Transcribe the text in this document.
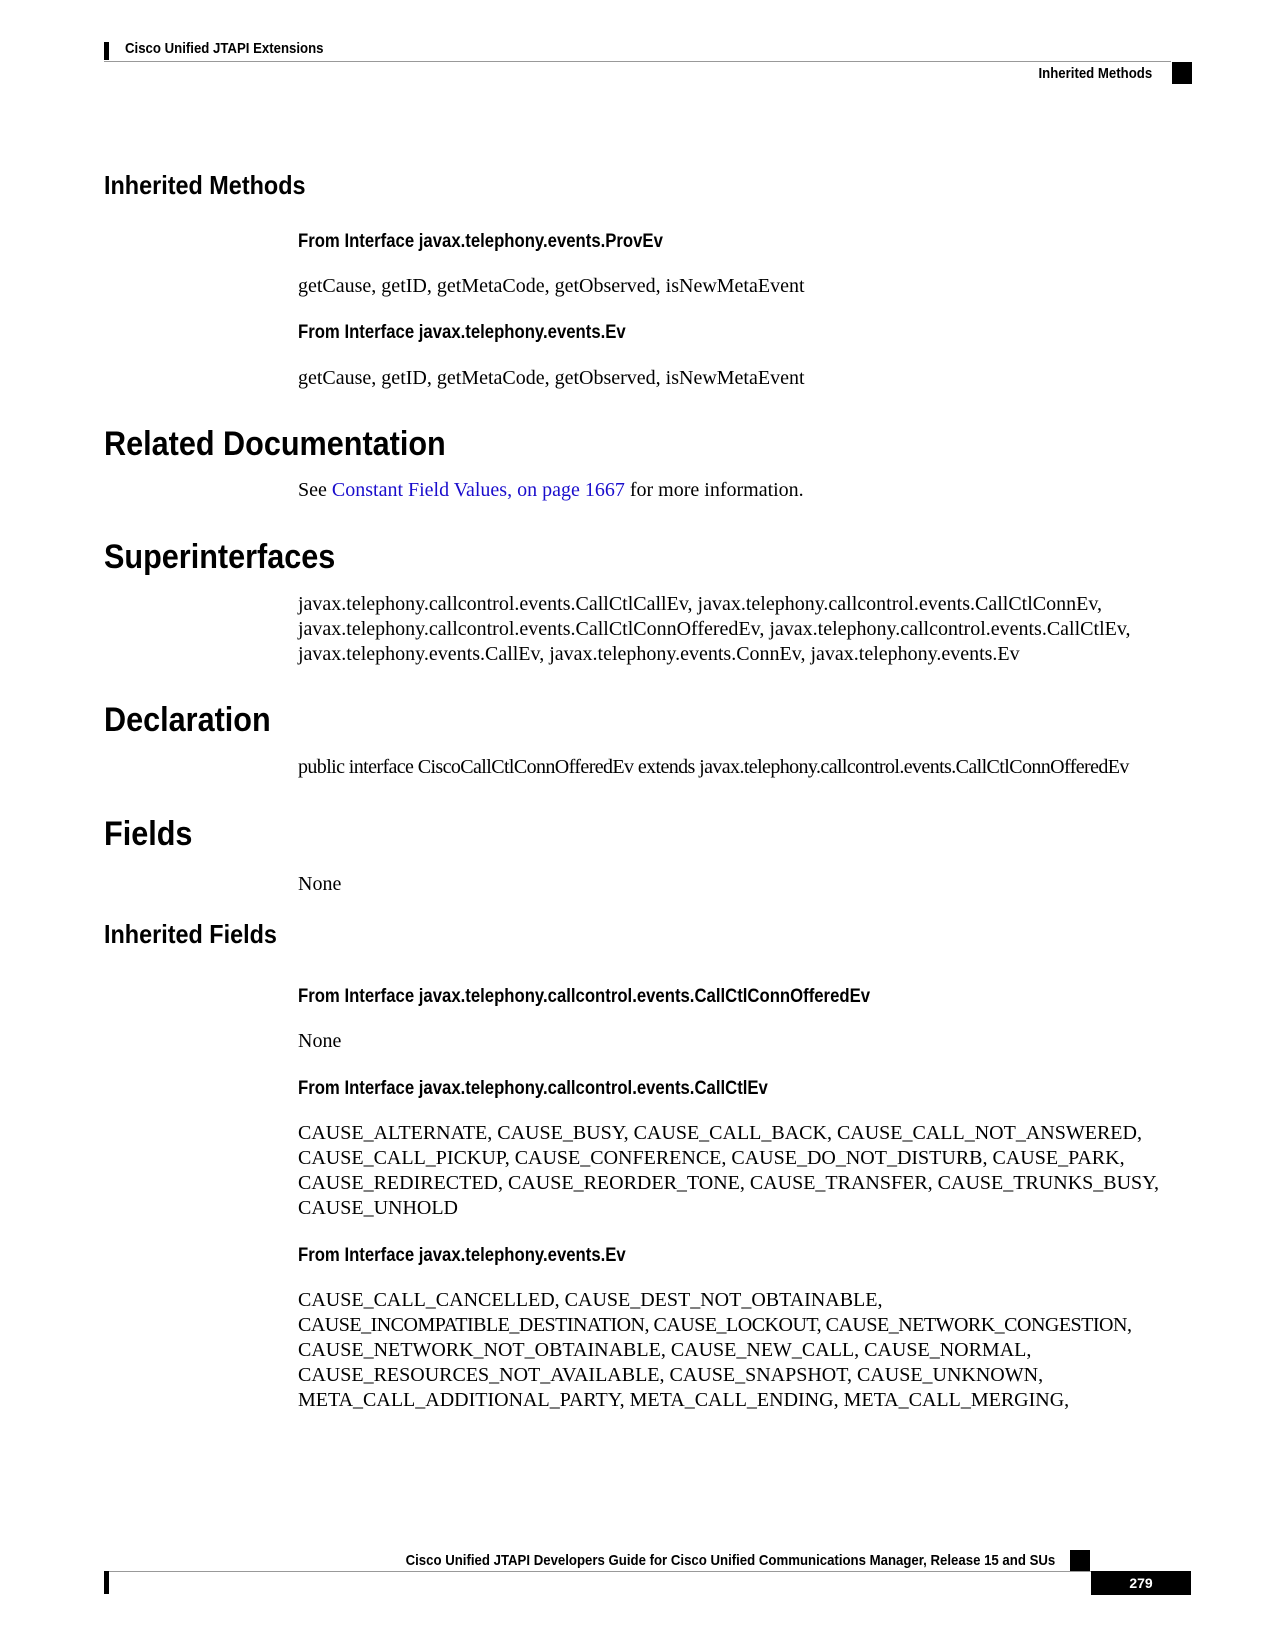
Cisco Unified JTAPI Extensions
Inherited Methods
Inherited Methods
From Interface javax.telephony.events.ProvEv
getCause, getID, getMetaCode, getObserved, isNewMetaEvent
From Interface javax.telephony.events.Ev
getCause, getID, getMetaCode, getObserved, isNewMetaEvent
Related Documentation
See Constant Field Values, on page 1667 for more information.
Superinterfaces
javax.telephony.callcontrol.events.CallCtlCallEv, javax.telephony.callcontrol.events.CallCtlConnEv,
javax.telephony.callcontrol.events.CallCtlConnOfferedEv, javax.telephony.callcontrol.events.CallCtlEv,
javax.telephony.events.CallEv, javax.telephony.events.ConnEv, javax.telephony.events.Ev
Declaration
public interface CiscoCallCtlConnOfferedEv extends javax.telephony.callcontrol.events.CallCtlConnOfferedEv
Fields
None
Inherited Fields
From Interface javax.telephony.callcontrol.events.CallCtlConnOfferedEv
None
From Interface javax.telephony.callcontrol.events.CallCtlEv
CAUSE_ALTERNATE, CAUSE_BUSY, CAUSE_CALL_BACK, CAUSE_CALL_NOT_ANSWERED,
CAUSE_CALL_PICKUP, CAUSE_CONFERENCE, CAUSE_DO_NOT_DISTURB, CAUSE_PARK,
CAUSE_REDIRECTED, CAUSE_REORDER_TONE, CAUSE_TRANSFER, CAUSE_TRUNKS_BUSY,
CAUSE_UNHOLD
From Interface javax.telephony.events.Ev
CAUSE_CALL_CANCELLED, CAUSE_DEST_NOT_OBTAINABLE,
CAUSE_INCOMPATIBLE_DESTINATION, CAUSE_LOCKOUT, CAUSE_NETWORK_CONGESTION,
CAUSE_NETWORK_NOT_OBTAINABLE, CAUSE_NEW_CALL, CAUSE_NORMAL,
CAUSE_RESOURCES_NOT_AVAILABLE, CAUSE_SNAPSHOT, CAUSE_UNKNOWN,
META_CALL_ADDITIONAL_PARTY, META_CALL_ENDING, META_CALL_MERGING,
Cisco Unified JTAPI Developers Guide for Cisco Unified Communications Manager, Release 15 and SUs
279
